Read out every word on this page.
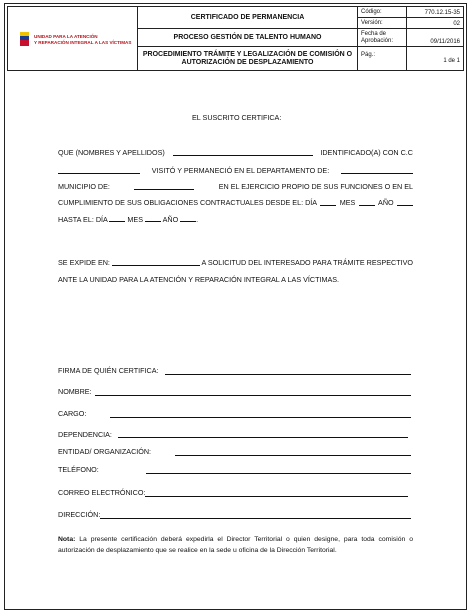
UNIDAD PARA LA ATENCIÓN
Y REPARACIÓN INTEGRAL A LAS VÍCTIMAS
CERTIFICADO DE PERMANENCIA
PROCESO GESTIÓN DE TALENTO HUMANO
PROCEDIMIENTO TRÁMITE Y LEGALIZACIÓN DE COMISIÓN O AUTORIZACIÓN DE DESPLAZAMIENTO
Código:	770.12.15-35
Versión:	02
Fecha de Aprobación:	09/11/2016
Pág.:
1 de 1
EL SUSCRITO CERTIFICA:
QUE (NOMBRES Y APELLIDOS)	IDENTIFICADO(A) CON C.C
VISITÓ Y PERMANECIÓ EN EL DEPARTAMENTO DE:
MUNICIPIO DE:	EN EL EJERCICIO PROPIO DE SUS FUNCIONES O EN EL
CUMPLIMIENTO DE SUS OBLIGACIONES CONTRACTUALES DESDE EL: DÍA	MES	AÑO
HASTA EL: DÍA	MES	AÑO	.
SE EXPIDE EN:	A SOLICITUD DEL INTERESADO PARA TRÁMITE RESPECTIVO
ANTE LA UNIDAD PARA LA ATENCIÓN Y REPARACIÓN INTEGRAL A LAS VÍCTIMAS.
FIRMA DE QUIÉN CERTIFICA:
NOMBRE:
CARGO:
DEPENDENCIA:
ENTIDAD/ ORGANIZACIÓN:
TELÉFONO:
CORREO ELECTRÓNICO:
DIRECCIÓN:
Nota: La presente certificación deberá expedirla el Director Territorial o quien designe, para toda comisión o autorización de desplazamiento que se realice en la sede u oficina de la Dirección Territorial.
